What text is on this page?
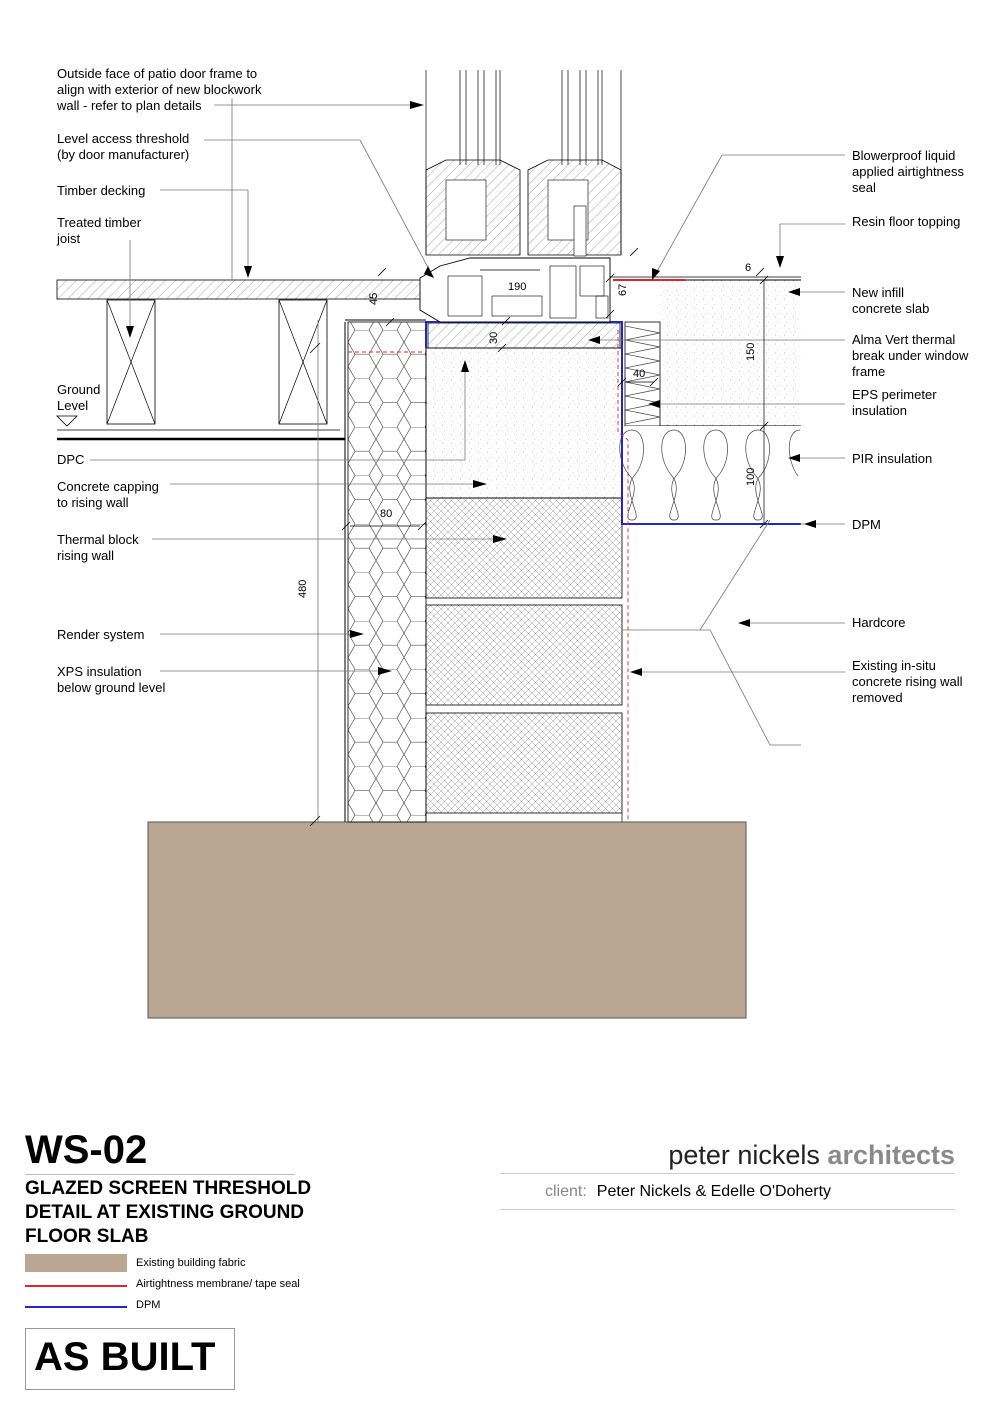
Outside face of patio door frame to
align with exterior of new blockwork
wall - refer to plan details
Level access threshold
(by door manufacturer)
Timber decking
Treated timber
joist
Ground
Level
DPC
Concrete capping
to rising wall
Thermal block
rising wall
Render system
XPS insulation
below ground level
Blowerproof liquid
applied airtightness
seal
Resin floor topping
New infill
concrete slab
Alma Vert thermal
break under window
frame
EPS perimeter
insulation
PIR insulation
DPM
Hardcore
Existing in-situ
concrete rising wall
removed
190
45
67
30
40
6
150
100
80
480
WS-02
GLAZED SCREEN THRESHOLD
DETAIL AT EXISTING GROUND
FLOOR SLAB
Existing building fabric
Airtightness membrane/ tape seal
DPM
AS BUILT
peter nickels architects
client: Peter Nickels & Edelle O'Doherty
